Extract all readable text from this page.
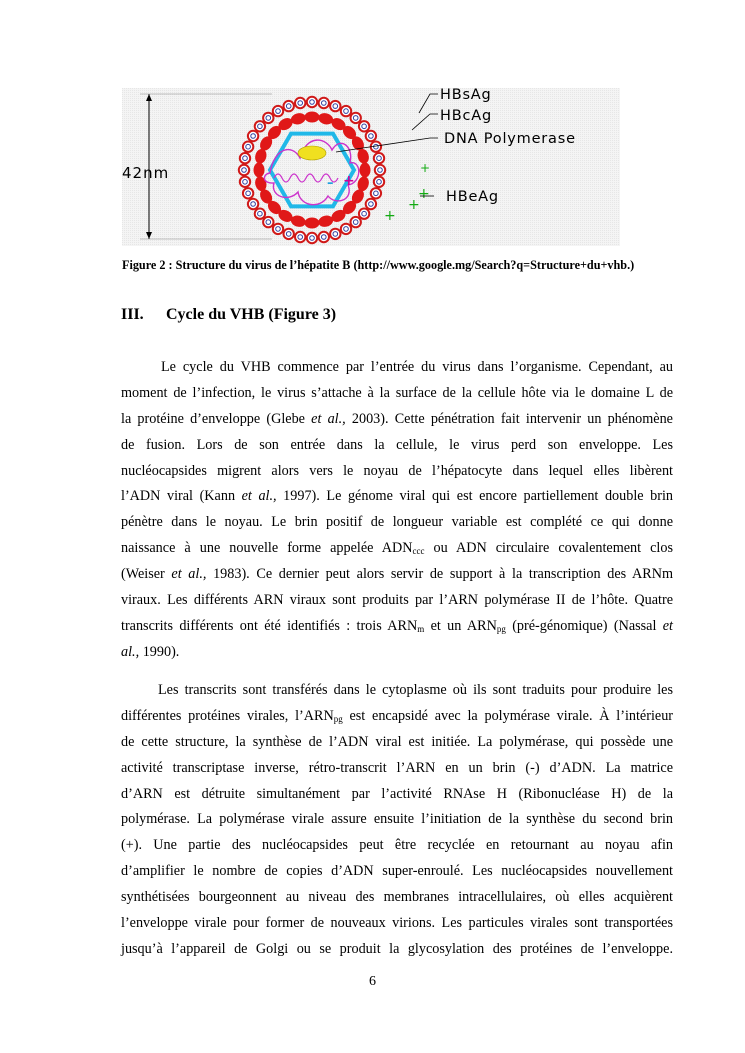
42nm	+
–
+
+
+
+
HBsAg
HBcAg
DNA Polymerase
HBeAg
Figure 2 : Structure du virus de l’hépatite B (http://www.google.mg/Search?q=Structure+du+vhb.)
III. Cycle du VHB (Figure 3)
Le cycle du VHB commence par l’entrée du virus dans l’organisme. Cependant, au
moment de l’infection, le virus s’attache à la surface de la cellule hôte via le domaine L de
la protéine d’enveloppe (Glebe et al., 2003). Cette pénétration fait intervenir un phénomène
de fusion. Lors de son entrée dans la cellule, le virus perd son enveloppe. Les
nucléocapsides migrent alors vers le noyau de l’hépatocyte dans lequel elles libèrent
l’ADN viral (Kann et al., 1997). Le génome viral qui est encore partiellement double brin
pénètre dans le noyau. Le brin positif de longueur variable est complété ce qui donne
naissance à une nouvelle forme appelée $ADN_{ccc}$ ou ADN circulaire covalentement clos
(Weiser et al., 1983). Ce dernier peut alors servir de support à la transcription des ARNm
viraux. Les différents ARN viraux sont produits par l’ARN polymérase II de l’hôte. Quatre
transcrits différents ont été identifiés : trois $ARN_m$ et un $ARN_{pg}$ (pré-génomique) (Nassal et
al., 1990).
Les transcrits sont transférés dans le cytoplasme où ils sont traduits pour produire les
différentes protéines virales, $l’ARN_{pg}$ est encapsidé avec la polymérase virale. À l’intérieur
de cette structure, la synthèse de l’ADN viral est initiée. La polymérase, qui possède une
activité transcriptase inverse, rétro-transcrit l’ARN en un brin (-) d’ADN. La matrice
d’ARN est détruite simultanément par l’activité RNAse H (Ribonucléase H) de la
polymérase. La polymérase virale assure ensuite l’initiation de la synthèse du second brin
(+). Une partie des nucléocapsides peut être recyclée en retournant au noyau afin
d’amplifier le nombre de copies d’ADN super-enroulé. Les nucléocapsides nouvellement
synthétisées bourgeonnent au niveau des membranes intracellulaires, où elles acquièrent
l’enveloppe virale pour former de nouveaux virions. Les particules virales sont transportées
jusqu’à l’appareil de Golgi ou se produit la glycosylation des protéines de l’enveloppe.
6
